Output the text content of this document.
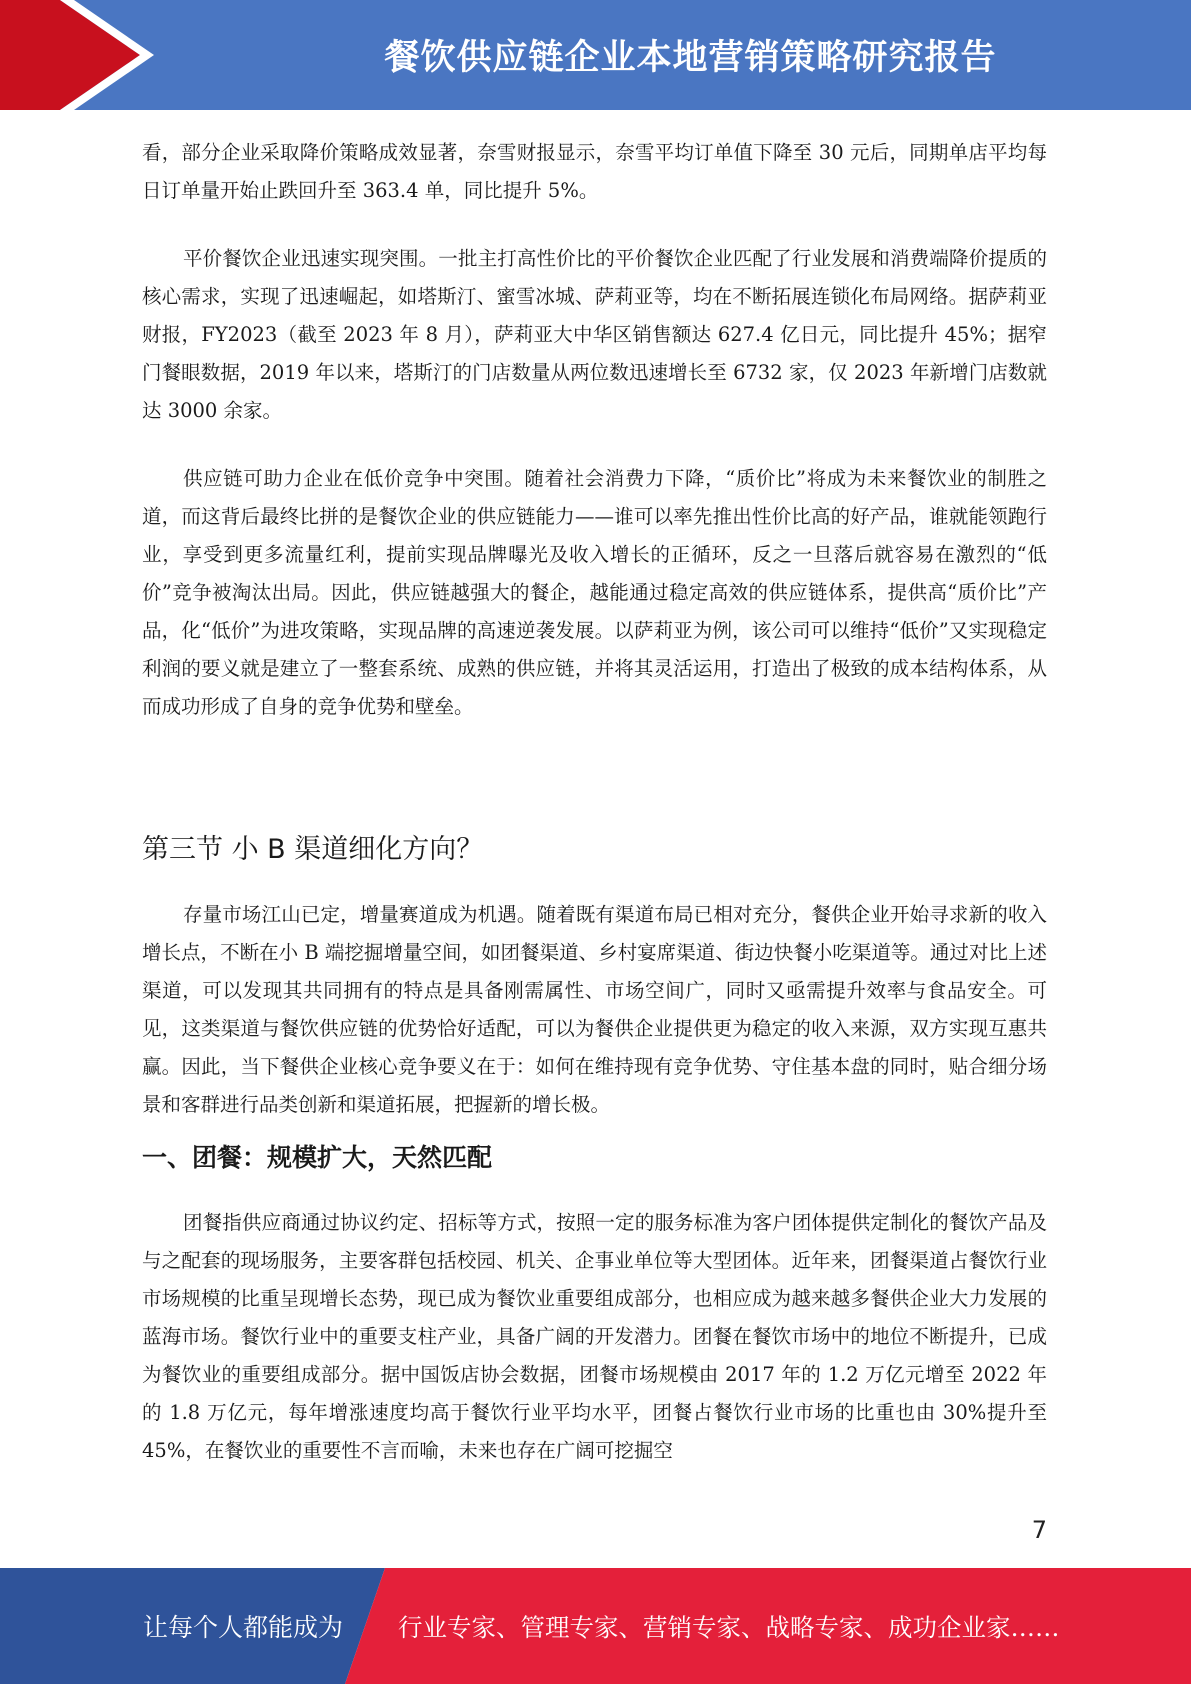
餐饮供应链企业本地营销策略研究报告

看，部分企业采取降价策略成效显著，奈雪财报显示，奈雪平均订单值下降至 30 元后，同期单店平均每日订单量开始止跌回升至 363.4 单，同比提升 5%。

平价餐饮企业迅速实现突围。一批主打高性价比的平价餐饮企业匹配了行业发展和消费端降价提质的核心需求，实现了迅速崛起，如塔斯汀、蜜雪冰城、萨莉亚等，均在不断拓展连锁化布局网络。据萨莉亚财报，FY2023（截至 2023 年 8 月），萨莉亚大中华区销售额达 627.4 亿日元，同比提升 45%；据窄门餐眼数据，2019 年以来，塔斯汀的门店数量从两位数迅速增长至 6732 家，仅 2023 年新增门店数就达 3000 余家。

供应链可助力企业在低价竞争中突围。随着社会消费力下降，“质价比”将成为未来餐饮业的制胜之道，而这背后最终比拼的是餐饮企业的供应链能力——谁可以率先推出性价比高的好产品，谁就能领跑行业，享受到更多流量红利，提前实现品牌曝光及收入增长的正循环，反之一旦落后就容易在激烈的“低价”竞争被淘汰出局。因此，供应链越强大的餐企，越能通过稳定高效的供应链体系，提供高“质价比”产品，化“低价”为进攻策略，实现品牌的高速逆袭发展。以萨莉亚为例，该公司可以维持“低价”又实现稳定利润的要义就是建立了一整套系统、成熟的供应链，并将其灵活运用，打造出了极致的成本结构体系，从而成功形成了自身的竞争优势和壁垒。

第三节 小 B 渠道细化方向？

存量市场江山已定，增量赛道成为机遇。随着既有渠道布局已相对充分，餐供企业开始寻求新的收入增长点，不断在小 B 端挖掘增量空间，如团餐渠道、乡村宴席渠道、街边快餐小吃渠道等。通过对比上述渠道，可以发现其共同拥有的特点是具备刚需属性、市场空间广，同时又亟需提升效率与食品安全。可见，这类渠道与餐饮供应链的优势恰好适配，可以为餐供企业提供更为稳定的收入来源，双方实现互惠共赢。因此，当下餐供企业核心竞争要义在于：如何在维持现有竞争优势、守住基本盘的同时，贴合细分场景和客群进行品类创新和渠道拓展，把握新的增长极。

一、团餐：规模扩大，天然匹配

团餐指供应商通过协议约定、招标等方式，按照一定的服务标准为客户团体提供定制化的餐饮产品及与之配套的现场服务，主要客群包括校园、机关、企事业单位等大型团体。近年来，团餐渠道占餐饮行业市场规模的比重呈现增长态势，现已成为餐饮业重要组成部分，也相应成为越来越多餐供企业大力发展的蓝海市场。餐饮行业中的重要支柱产业，具备广阔的开发潜力。团餐在餐饮市场中的地位不断提升，已成为餐饮业的重要组成部分。据中国饭店协会数据，团餐市场规模由 2017 年的 1.2 万亿元增至 2022 年的 1.8 万亿元，每年增涨速度均高于餐饮行业平均水平，团餐占餐饮行业市场的比重也由 30%提升至 45%，在餐饮业的重要性不言而喻，未来也存在广阔可挖掘空

7
让每个人都能成为 行业专家、管理专家、营销专家、战略专家、成功企业家……
